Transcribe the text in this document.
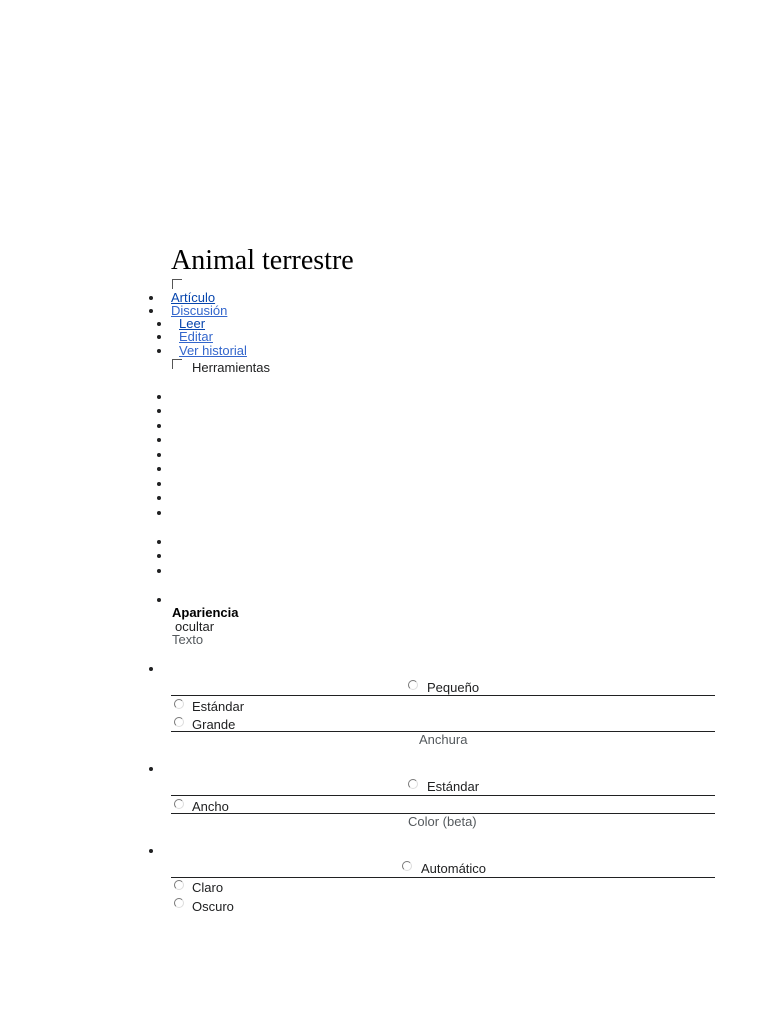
Animal terrestre
Artículo
Discusión
Leer
Editar
Ver historial
Herramientas
Apariencia
ocultar
Texto
Pequeño
Estándar
Grande
Anchura
Estándar
Ancho
Color (beta)
Automático
Claro
Oscuro
